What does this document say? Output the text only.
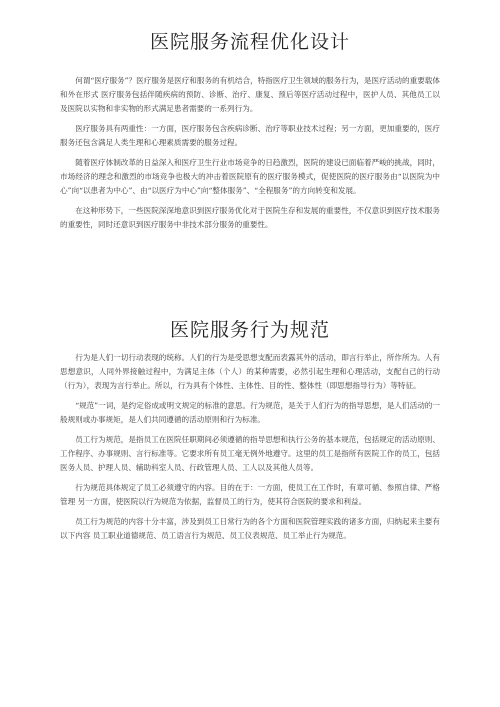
医院服务流程优化设计

何谓“医疗服务”？医疗服务是医疗和服务的有机结合，特指医疗卫生领域的服务行为，是医疗活动的重要载体和外在形式 医疗服务包括伴随疾病的预防、诊断、治疗、康复、预后等医疗活动过程中，医护人员、其他员工以及医院以实物和非实物的形式满足患者需要的一系列行为。

医疗服务具有两重性：一方面，医疗服务包含疾病诊断、治疗等职业技术过程；另一方面，更加重要的，医疗服务还包含满足人类生理和心理素质需要的服务过程。

随着医疗体制改革的日益深入和医疗卫生行业市场竞争的日趋激烈，医院的建设已面临着严峻的挑战，同时，市场经济的理念和激烈的市场竞争也极大的冲击着医院原有的医疗服务模式，促使医院的医疗服务由“以医院为中心”向“以患者为中心”、由“以医疗为中心”向“整体服务”、“全程服务”的方向转变和发展。

在这种形势下，一些医院深深地意识到医疗服务优化对于医院生存和发展的重要性，不仅意识到医疗技术服务的重要性，同时还意识到医疗服务中非技术部分服务的重要性。

医院服务行为规范

行为是人们一切行动表现的统称。人们的行为是受思想支配而表露其外的活动，即言行举止，所作所为。人有思想意识，人同外界接触过程中，为满足主体（个人）的某种需要，必然引起生理和心理活动，支配自己的行动（行为），表现为言行举止。所以，行为具有个体性、主体性、目的性、整体性（即思想指导行为）等特征。

“规范”一词，是约定俗成或明文规定的标准的意思。行为规范，是关于人们行为的指导思想，是人们活动的一般规则或办事规矩，是人们共同遵循的活动原则和行为标准。

员工行为规范，是指员工在医院任职期间必须遵循的指导思想和执行公务的基本规范，包括规定的活动原则、工作程序、办事规则、言行标准等。它要求所有员工毫无例外地遵守。这里的员工是指所有医院工作的员工，包括医务人员、护理人员、辅助科室人员、行政管理人员、工人以及其他人员等。

行为规范具体规定了员工必须遵守的内容。目的在于：一方面，使员工在工作时，有章可循、参照自律、严格管理 另一方面，使医院以行为规范为依据，监督员工的行为，使其符合医院的要求和利益。

员工行为规范的内容十分丰富，涉及到员工日常行为的各个方面和医院管理实践的诸多方面，归纳起来主要有以下内容 员工职业道德规范、员工语言行为规范、员工仪表规范、员工举止行为规范。
